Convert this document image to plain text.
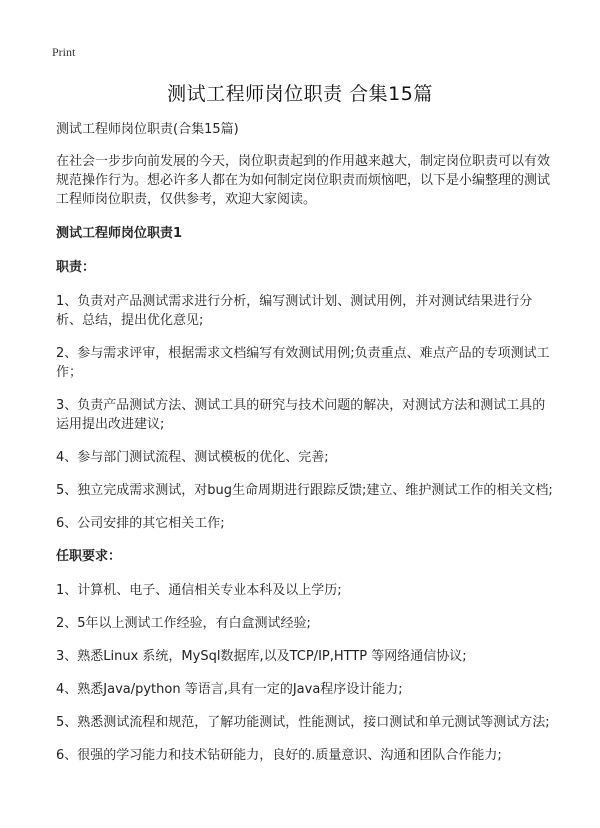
Print
测试工程师岗位职责 合集15篇

测试工程师岗位职责(合集15篇)

在社会一步步向前发展的今天，岗位职责起到的作用越来越大，制定岗位职责可以有效规范操作行为。想必许多人都在为如何制定岗位职责而烦恼吧，以下是小编整理的测试工程师岗位职责，仅供参考，欢迎大家阅读。

测试工程师岗位职责1

职责：

1、负责对产品测试需求进行分析，编写测试计划、测试用例，并对测试结果进行分析、总结，提出优化意见;

2、参与需求评审，根据需求文档编写有效测试用例;负责重点、难点产品的专项测试工作；

3、负责产品测试方法、测试工具的研究与技术问题的解决，对测试方法和测试工具的运用提出改进建议;

4、参与部门测试流程、测试模板的优化、完善;

5、独立完成需求测试，对bug生命周期进行跟踪反馈;建立、维护测试工作的相关文档;

6、公司安排的其它相关工作;

任职要求：

1、计算机、电子、通信相关专业本科及以上学历;

2、5年以上测试工作经验，有白盒测试经验;

3、熟悉Linux 系统，MySql数据库,以及TCP/IP,HTTP 等网络通信协议;

4、熟悉Java/python 等语言,具有一定的Java程序设计能力;

5、熟悉测试流程和规范，了解功能测试，性能测试，接口测试和单元测试等测试方法;

6、很强的学习能力和技术钻研能力，良好的.质量意识、沟通和团队合作能力;
